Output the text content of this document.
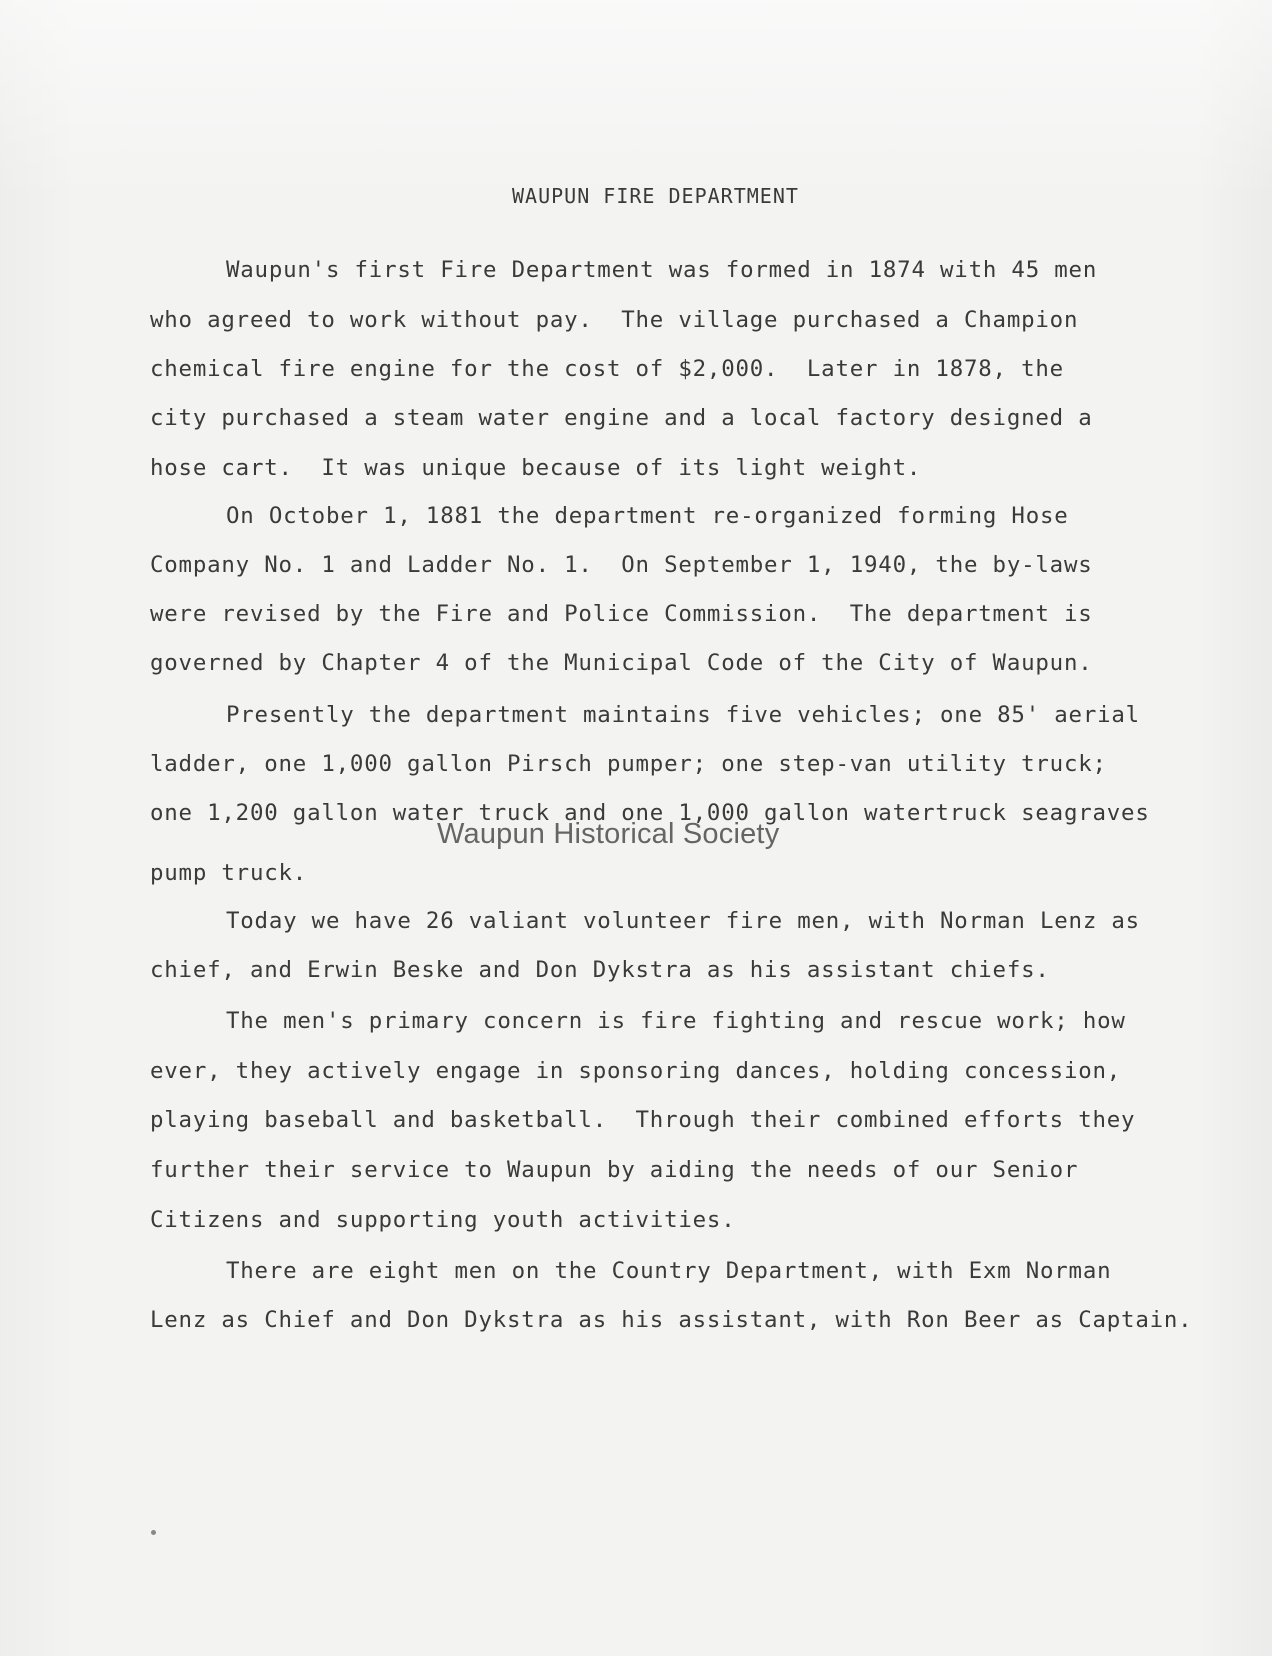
WAUPUN FIRE DEPARTMENT

Waupun's first Fire Department was formed in 1874 with 45 men

who agreed to work without pay.  The village purchased a Champion

chemical fire engine for the cost of $2,000.  Later in 1878, the

city purchased a steam water engine and a local factory designed a

hose cart.  It was unique because of its light weight.

On October 1, 1881 the department re-organized forming Hose

Company No. 1 and Ladder No. 1.  On September 1, 1940, the by-laws

were revised by the Fire and Police Commission.  The department is

governed by Chapter 4 of the Municipal Code of the City of Waupun.

Presently the department maintains five vehicles; one 85' aerial

ladder, one 1,000 gallon Pirsch pumper; one step-van utility truck;

one 1,200 gallon water truck and one 1,000 gallon watertruck seagraves

pump truck.

Today we have 26 valiant volunteer fire men, with Norman Lenz as

chief, and Erwin Beske and Don Dykstra as his assistant chiefs.

The men's primary concern is fire fighting and rescue work; how

ever, they actively engage in sponsoring dances, holding concession,

playing baseball and basketball.  Through their combined efforts they

further their service to Waupun by aiding the needs of our Senior

Citizens and supporting youth activities.

There are eight men on the Country Department, with Exm Norman

Lenz as Chief and Don Dykstra as his assistant, with Ron Beer as Captain.

Waupun Historical Society
